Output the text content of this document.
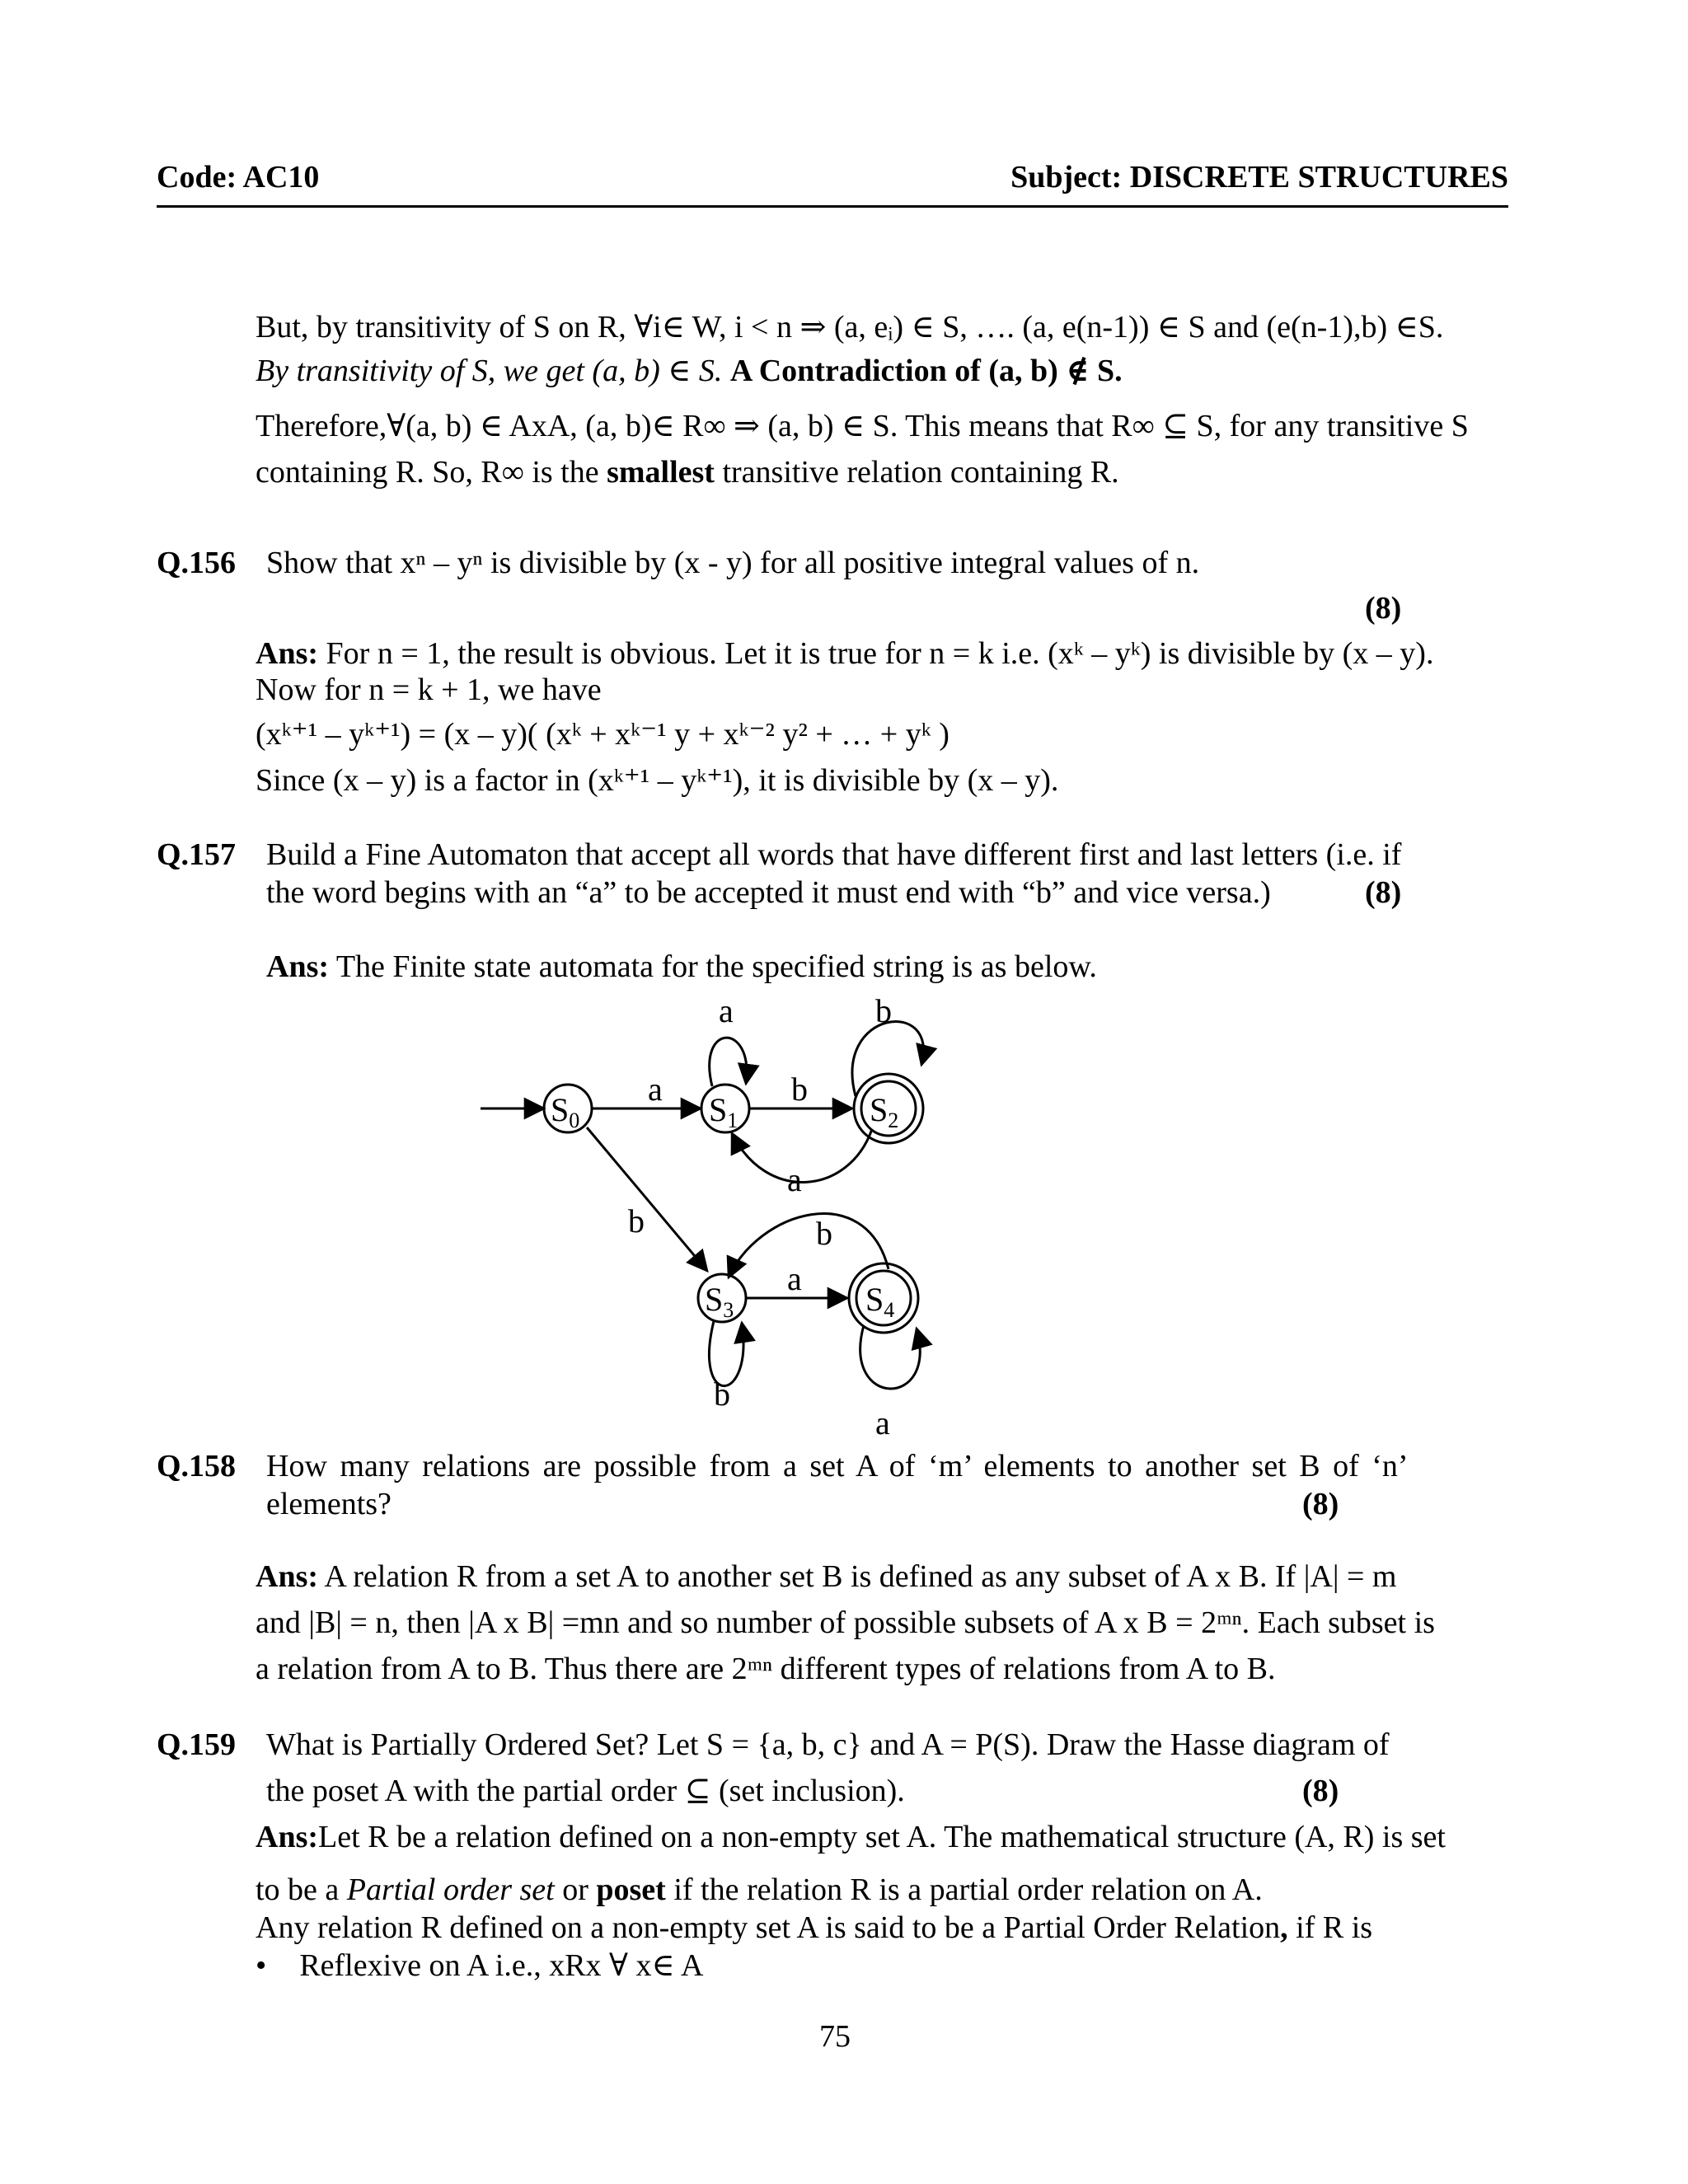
Code: AC10	Subject: DISCRETE STRUCTURES
But, by transitivity of S on R, ∀i∈ W, i < n ⇒ (a, eᵢ) ∈ S, …. (a, e(n-1)) ∈ S and (e(n-1),b) ∈S.
By transitivity of S, we get (a, b) ∈ S. A Contradiction of (a, b) ∉ S.
Therefore,∀(a, b) ∈ AxA, (a, b)∈ R∞ ⇒ (a, b) ∈ S. This means that R∞ ⊆ S, for any transitive S
containing R. So, R∞ is the smallest transitive relation containing R.
Q.156 Show that xⁿ – yⁿ is divisible by (x - y) for all positive integral values of n.
(8)
Ans: For n = 1, the result is obvious. Let it is true for n = k i.e. (xᵏ – yᵏ) is divisible by (x – y).
Now for n = k + 1, we have
(xᵏ⁺¹ – yᵏ⁺¹) = (x – y)( (xᵏ + xᵏ⁻¹ y + xᵏ⁻² y² + … + yᵏ )
Since (x – y) is a factor in (xᵏ⁺¹ – yᵏ⁺¹), it is divisible by (x – y).
Q.157 Build a Fine Automaton that accept all words that have different first and last letters (i.e. if
the word begins with an “a” to be accepted it must end with “b” and vice versa.)	(8)
Ans: The Finite state automata for the specified string is as below.
$S_0$	$S_1$	$S_2$
$S_3$	$S_4$
a
a
b
b
a
b	b
a
b
a
Q.158 How many relations are possible from a set A of ‘m’ elements to another set B of ‘n’
elements?	(8)
Ans: A relation R from a set A to another set B is defined as any subset of A x B. If |A| = m
and |B| = n, then |A x B| =mn and so number of possible subsets of A x B = 2ᵐⁿ. Each subset is
a relation from A to B. Thus there are 2ᵐⁿ different types of relations from A to B.
Q.159 What is Partially Ordered Set? Let S = {a, b, c} and A = P(S). Draw the Hasse diagram of
the poset A with the partial order ⊆ (set inclusion).	(8)
Ans:Let R be a relation defined on a non-empty set A. The mathematical structure (A, R) is set
to be a Partial order set or poset if the relation R is a partial order relation on A.
Any relation R defined on a non-empty set A is said to be a Partial Order Relation, if R is
• Reflexive on A i.e., xRx ∀ x∈ A
75
